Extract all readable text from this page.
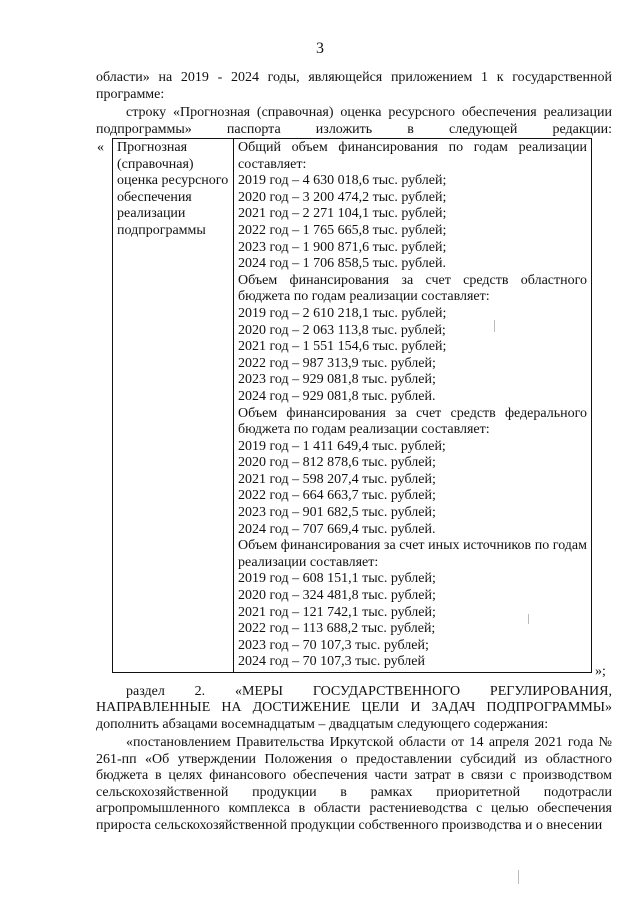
3
области» на 2019 - 2024 годы, являющейся приложением 1 к государственной программе:
строку «Прогнозная (справочная) оценка ресурсного обеспечения реализации подпрограммы» паспорта изложить в следующей редакции:
« Прогнозная (справочная) оценка ресурсного обеспечения реализации подпрограммы	
Общий объем финансирования по годам реализации составляет:
2019 год – 4 630 018,6 тыс. рублей;
2020 год – 3 200 474,2 тыс. рублей;
2021 год – 2 271 104,1 тыс. рублей;
2022 год – 1 765 665,8 тыс. рублей;
2023 год – 1 900 871,6 тыс. рублей;
2024 год – 1 706 858,5 тыс. рублей.
Объем финансирования за счет средств областного бюджета по годам реализации составляет:
2019 год – 2 610 218,1 тыс. рублей;
2020 год – 2 063 113,8 тыс. рублей;
2021 год – 1 551 154,6 тыс. рублей;
2022 год – 987 313,9 тыс. рублей;
2023 год – 929 081,8 тыс. рублей;
2024 год – 929 081,8 тыс. рублей.
Объем финансирования за счет средств федерального бюджета по годам реализации составляет:
2019 год – 1 411 649,4 тыс. рублей;
2020 год – 812 878,6 тыс. рублей;
2021 год – 598 207,4 тыс. рублей;
2022 год – 664 663,7 тыс. рублей;
2023 год – 901 682,5 тыс. рублей;
2024 год – 707 669,4 тыс. рублей.
Объем финансирования за счет иных источников по годам реализации составляет:
2019 год – 608 151,1 тыс. рублей;
2020 год – 324 481,8 тыс. рублей;
2021 год – 121 742,1 тыс. рублей;
2022 год – 113 688,2 тыс. рублей;
2023 год – 70 107,3 тыс. рублей;
2024 год – 70 107,3 тыс. рублей
»;
раздел 2. «МЕРЫ ГОСУДАРСТВЕННОГО РЕГУЛИРОВАНИЯ,
НАПРАВЛЕННЫЕ НА ДОСТИЖЕНИЕ ЦЕЛИ И ЗАДАЧ ПОДПРОГРАММЫ»
дополнить абзацами восемнадцатым – двадцатым следующего содержания:
«постановлением Правительства Иркутской области от 14 апреля 2021 года № 261-пп «Об утверждении Положения о предоставлении субсидий из областного бюджета в целях финансового обеспечения части затрат в связи с производством сельскохозяйственной продукции в рамках приоритетной подотрасли агропромышленного комплекса в области растениеводства с целью обеспечения прироста сельскохозяйственной продукции собственного производства и о внесении
